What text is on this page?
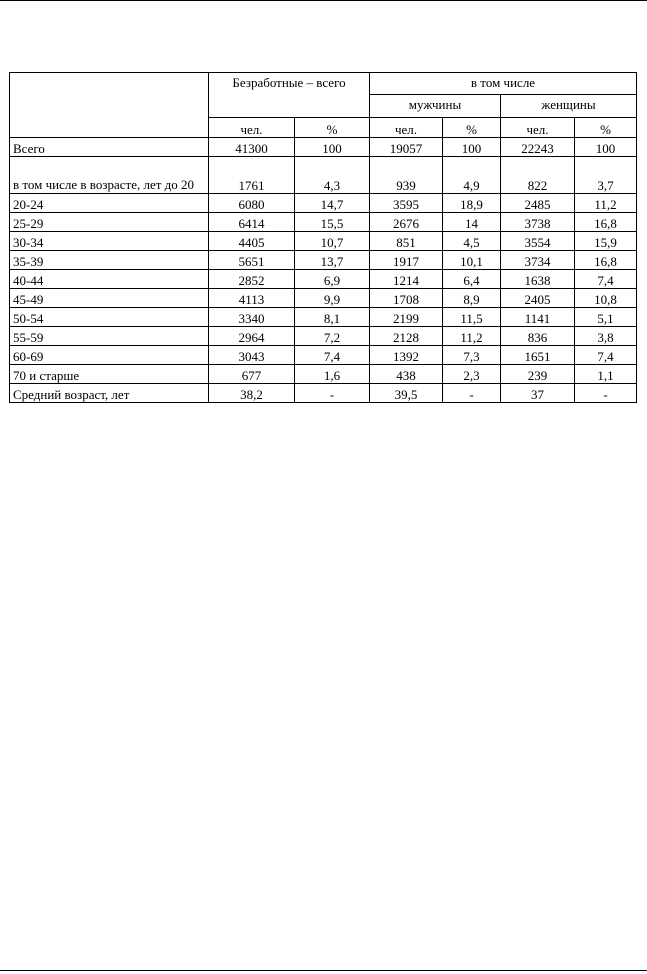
	Безработные – всего		в том числе			
			мужчины		женщины	
	чел.	%	чел.	%	чел.	%
Всего	41300	100	19057	100	22243	100
в том числе в возрасте, лет до 20	1761	4,3	939	4,9	822	3,7
20-24	6080	14,7	3595	18,9	2485	11,2
25-29	6414	15,5	2676	14	3738	16,8
30-34	4405	10,7	851	4,5	3554	15,9
35-39	5651	13,7	1917	10,1	3734	16,8
40-44	2852	6,9	1214	6,4	1638	7,4
45-49	4113	9,9	1708	8,9	2405	10,8
50-54	3340	8,1	2199	11,5	1141	5,1
55-59	2964	7,2	2128	11,2	836	3,8
60-69	3043	7,4	1392	7,3	1651	7,4
70 и старше	677	1,6	438	2,3	239	1,1
Средний возраст, лет	38,2	-	39,5	-	37	-
